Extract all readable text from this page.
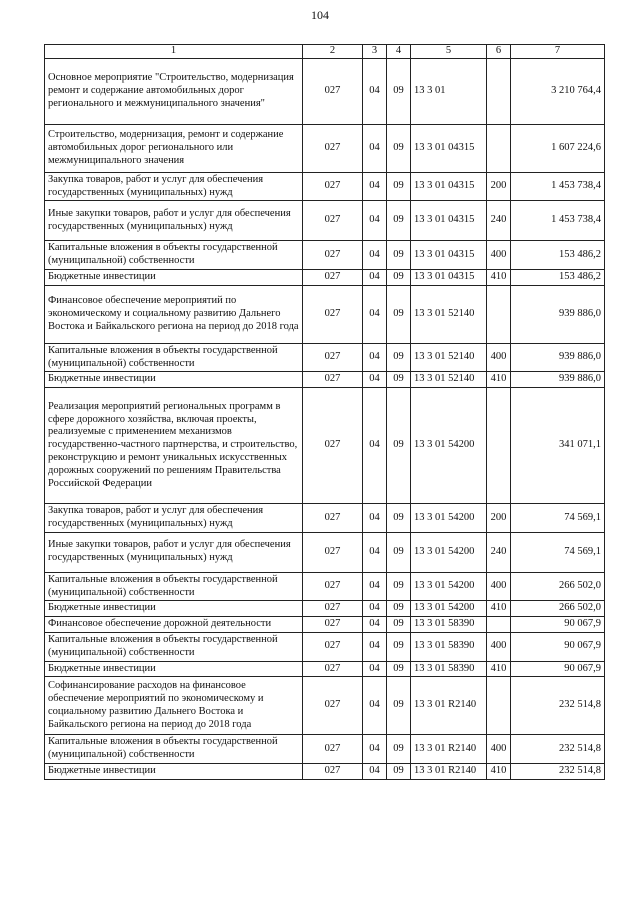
104
1	2	3	4	5	6	7
Основное мероприятие "Строительство, модернизация ремонт и содержание автомобильных дорог регионального и межмуниципального значения"	027	04	09	13 3 01		3 210 764,4
Строительство, модернизация, ремонт и содержание автомобильных дорог регионального или межмуниципального значения	027	04	09	13 3 01 04315		1 607 224,6
Закупка товаров, работ и услуг для обеспечения государственных (муниципальных) нужд	027	04	09	13 3 01 04315	200	1 453 738,4
Иные закупки товаров, работ и услуг для обеспечения государственных (муниципальных) нужд	027	04	09	13 3 01 04315	240	1 453 738,4
Капитальные вложения в объекты государственной (муниципальной) собственности	027	04	09	13 3 01 04315	400	153 486,2
Бюджетные инвестиции	027	04	09	13 3 01 04315	410	153 486,2
Финансовое обеспечение мероприятий по экономическому и социальному развитию Дальнего Востока и Байкальского региона на период до 2018 года	027	04	09	13 3 01 52140		939 886,0
Капитальные вложения в объекты государственной (муниципальной) собственности	027	04	09	13 3 01 52140	400	939 886,0
Бюджетные инвестиции	027	04	09	13 3 01 52140	410	939 886,0
Реализация мероприятий региональных программ в сфере дорожного хозяйства, включая проекты, реализуемые с применением механизмов государственно-частного партнерства, и строительство, реконструкцию и ремонт уникальных искусственных дорожных сооружений по решениям Правительства Российской Федерации	027	04	09	13 3 01 54200		341 071,1
Закупка товаров, работ и услуг для обеспечения государственных (муниципальных) нужд	027	04	09	13 3 01 54200	200	74 569,1
Иные закупки товаров, работ и услуг для обеспечения государственных (муниципальных) нужд	027	04	09	13 3 01 54200	240	74 569,1
Капитальные вложения в объекты государственной (муниципальной) собственности	027	04	09	13 3 01 54200	400	266 502,0
Бюджетные инвестиции	027	04	09	13 3 01 54200	410	266 502,0
Финансовое обеспечение дорожной деятельности	027	04	09	13 3 01 58390		90 067,9
Капитальные вложения в объекты государственной (муниципальной) собственности	027	04	09	13 3 01 58390	400	90 067,9
Бюджетные инвестиции	027	04	09	13 3 01 58390	410	90 067,9
Софинансирование расходов на финансовое обеспечение мероприятий по экономическому и социальному развитию Дальнего Востока и Байкальского региона на период до 2018 года	027	04	09	13 3 01 R2140		232 514,8
Капитальные вложения в объекты государственной (муниципальной) собственности	027	04	09	13 3 01 R2140	400	232 514,8
Бюджетные инвестиции	027	04	09	13 3 01 R2140	410	232 514,8
